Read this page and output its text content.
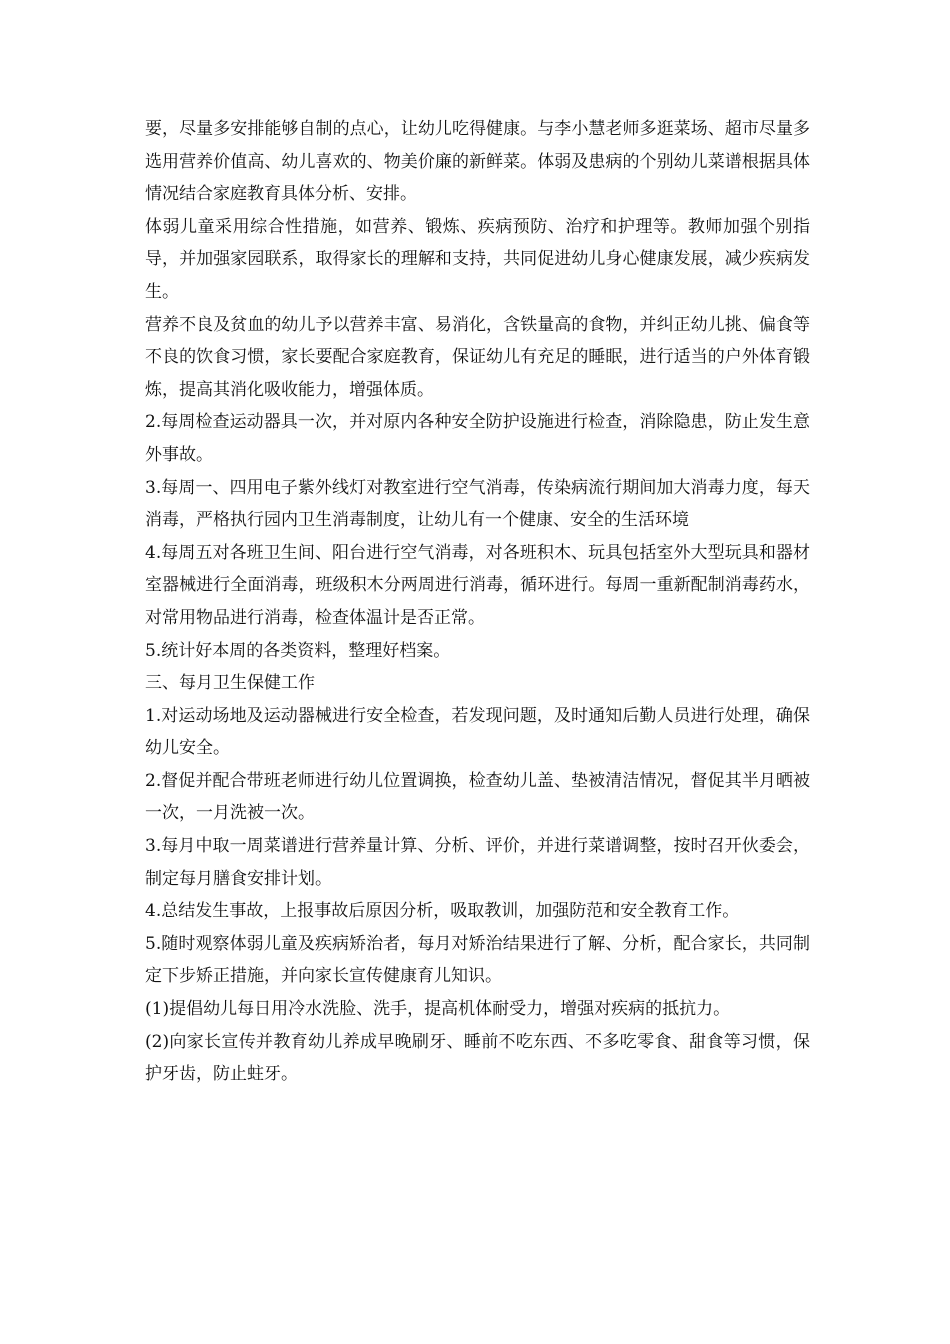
要，尽量多安排能够自制的点心，让幼儿吃得健康。与李小慧老师多逛菜场、超市尽量多选用营养价值高、幼儿喜欢的、物美价廉的新鲜菜。体弱及患病的个别幼儿菜谱根据具体情况结合家庭教育具体分析、安排。

体弱儿童采用综合性措施，如营养、锻炼、疾病预防、治疗和护理等。教师加强个别指导，并加强家园联系，取得家长的理解和支持，共同促进幼儿身心健康发展，减少疾病发生。

营养不良及贫血的幼儿予以营养丰富、易消化，含铁量高的食物，并纠正幼儿挑、偏食等不良的饮食习惯，家长要配合家庭教育，保证幼儿有充足的睡眠，进行适当的户外体育锻炼，提高其消化吸收能力，增强体质。

2.每周检查运动器具一次，并对原内各种安全防护设施进行检查，消除隐患，防止发生意外事故。

3.每周一、四用电子紫外线灯对教室进行空气消毒，传染病流行期间加大消毒力度，每天消毒，严格执行园内卫生消毒制度，让幼儿有一个健康、安全的生活环境

4.每周五对各班卫生间、阳台进行空气消毒，对各班积木、玩具包括室外大型玩具和器材室器械进行全面消毒，班级积木分两周进行消毒，循环进行。每周一重新配制消毒药水，对常用物品进行消毒，检查体温计是否正常。

5.统计好本周的各类资料，整理好档案。

三、每月卫生保健工作

1.对运动场地及运动器械进行安全检查，若发现问题，及时通知后勤人员进行处理，确保幼儿安全。

2.督促并配合带班老师进行幼儿位置调换，检查幼儿盖、垫被清洁情况，督促其半月晒被一次，一月洗被一次。

3.每月中取一周菜谱进行营养量计算、分析、评价，并进行菜谱调整，按时召开伙委会，制定每月膳食安排计划。

4.总结发生事故，上报事故后原因分析，吸取教训，加强防范和安全教育工作。

5.随时观察体弱儿童及疾病矫治者，每月对矫治结果进行了解、分析，配合家长，共同制定下步矫正措施，并向家长宣传健康育儿知识。

(1)提倡幼儿每日用冷水洗脸、洗手，提高机体耐受力，增强对疾病的抵抗力。

(2)向家长宣传并教育幼儿养成早晚刷牙、睡前不吃东西、不多吃零食、甜食等习惯，保护牙齿，防止蛀牙。
